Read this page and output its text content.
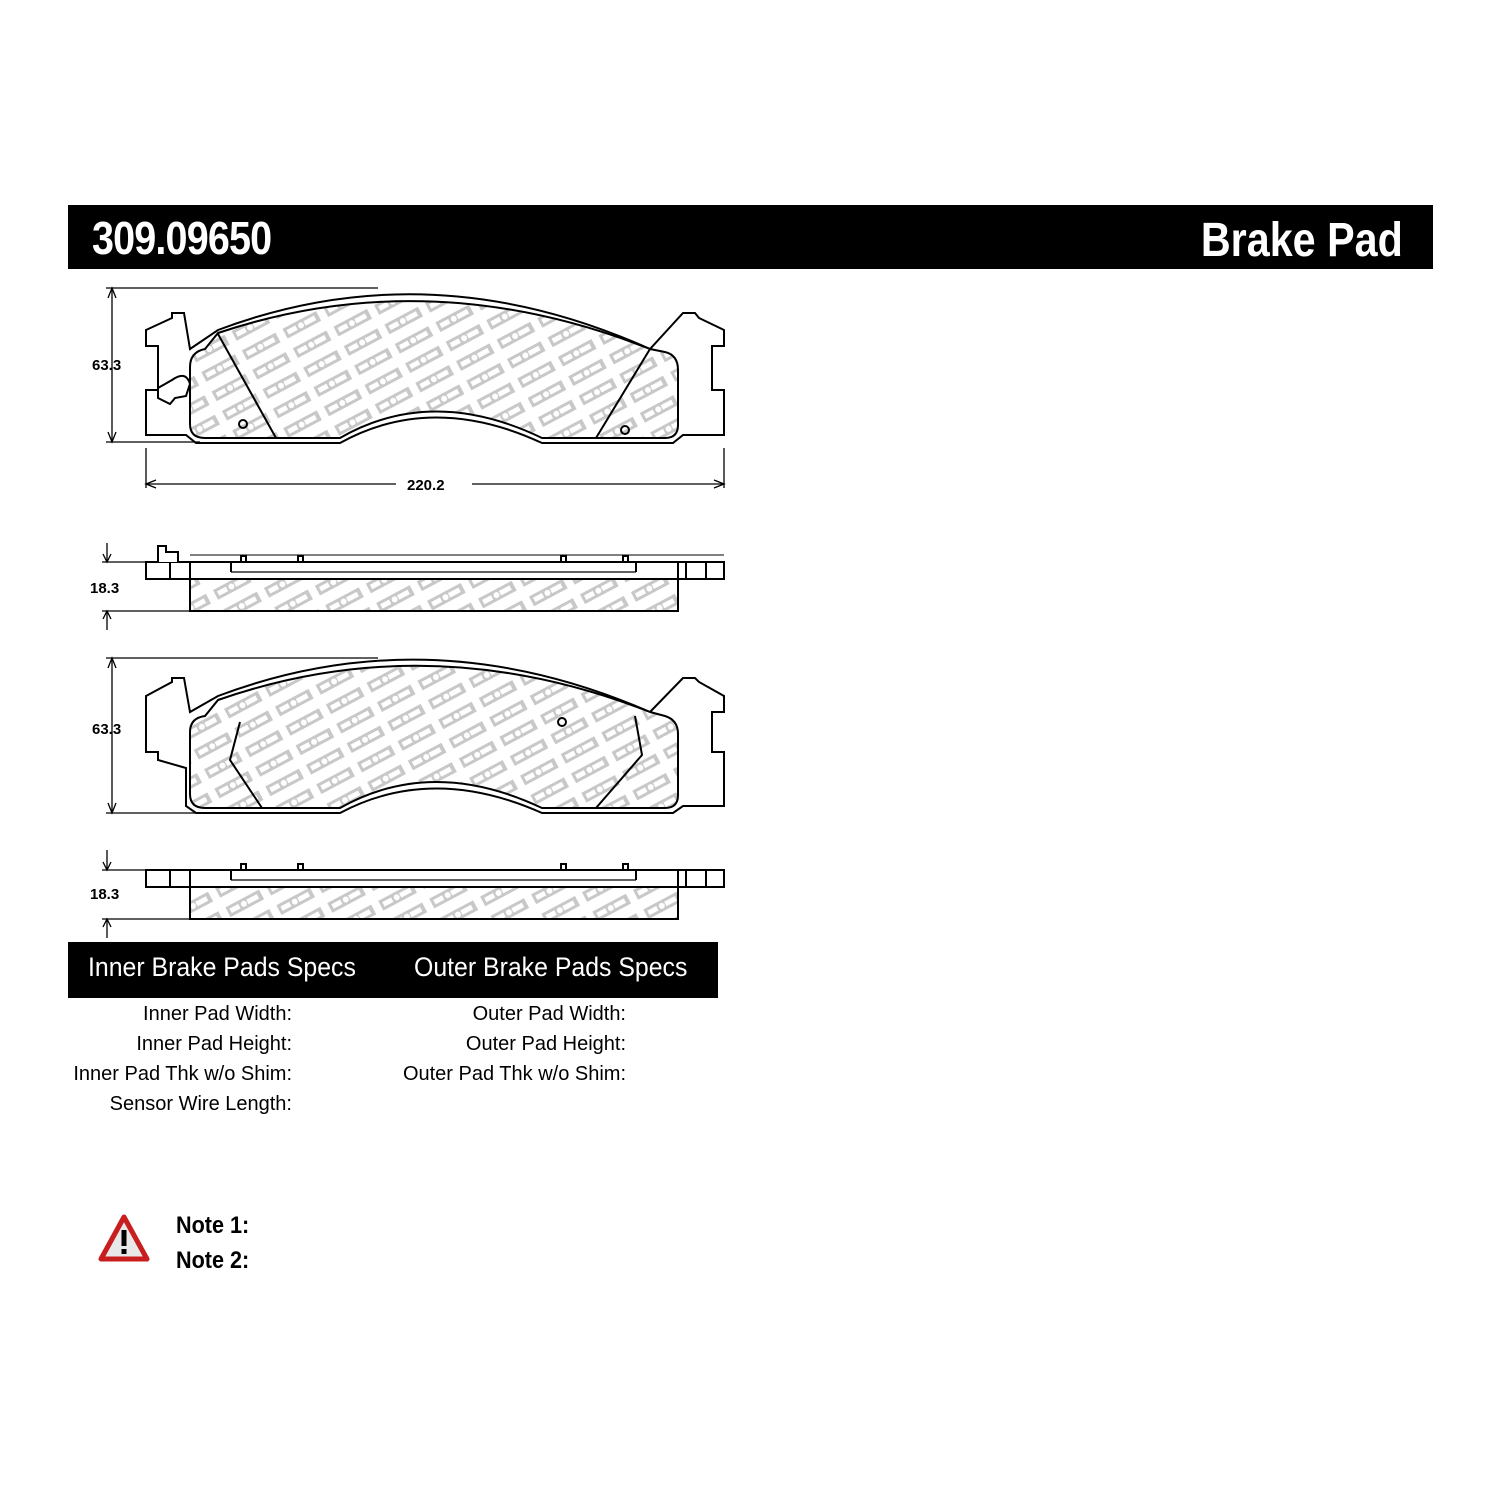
309.09650	Brake Pad
63.3
220.2
18.3
63.3
18.3
Inner Brake Pads Specs Outer Brake Pads Specs
Inner Pad Width:
Inner Pad Height:
Inner Pad Thk w/o Shim:
Sensor Wire Length:
Outer Pad Width:
Outer Pad Height:
Outer Pad Thk w/o Shim:
Note 1:
Note 2:
